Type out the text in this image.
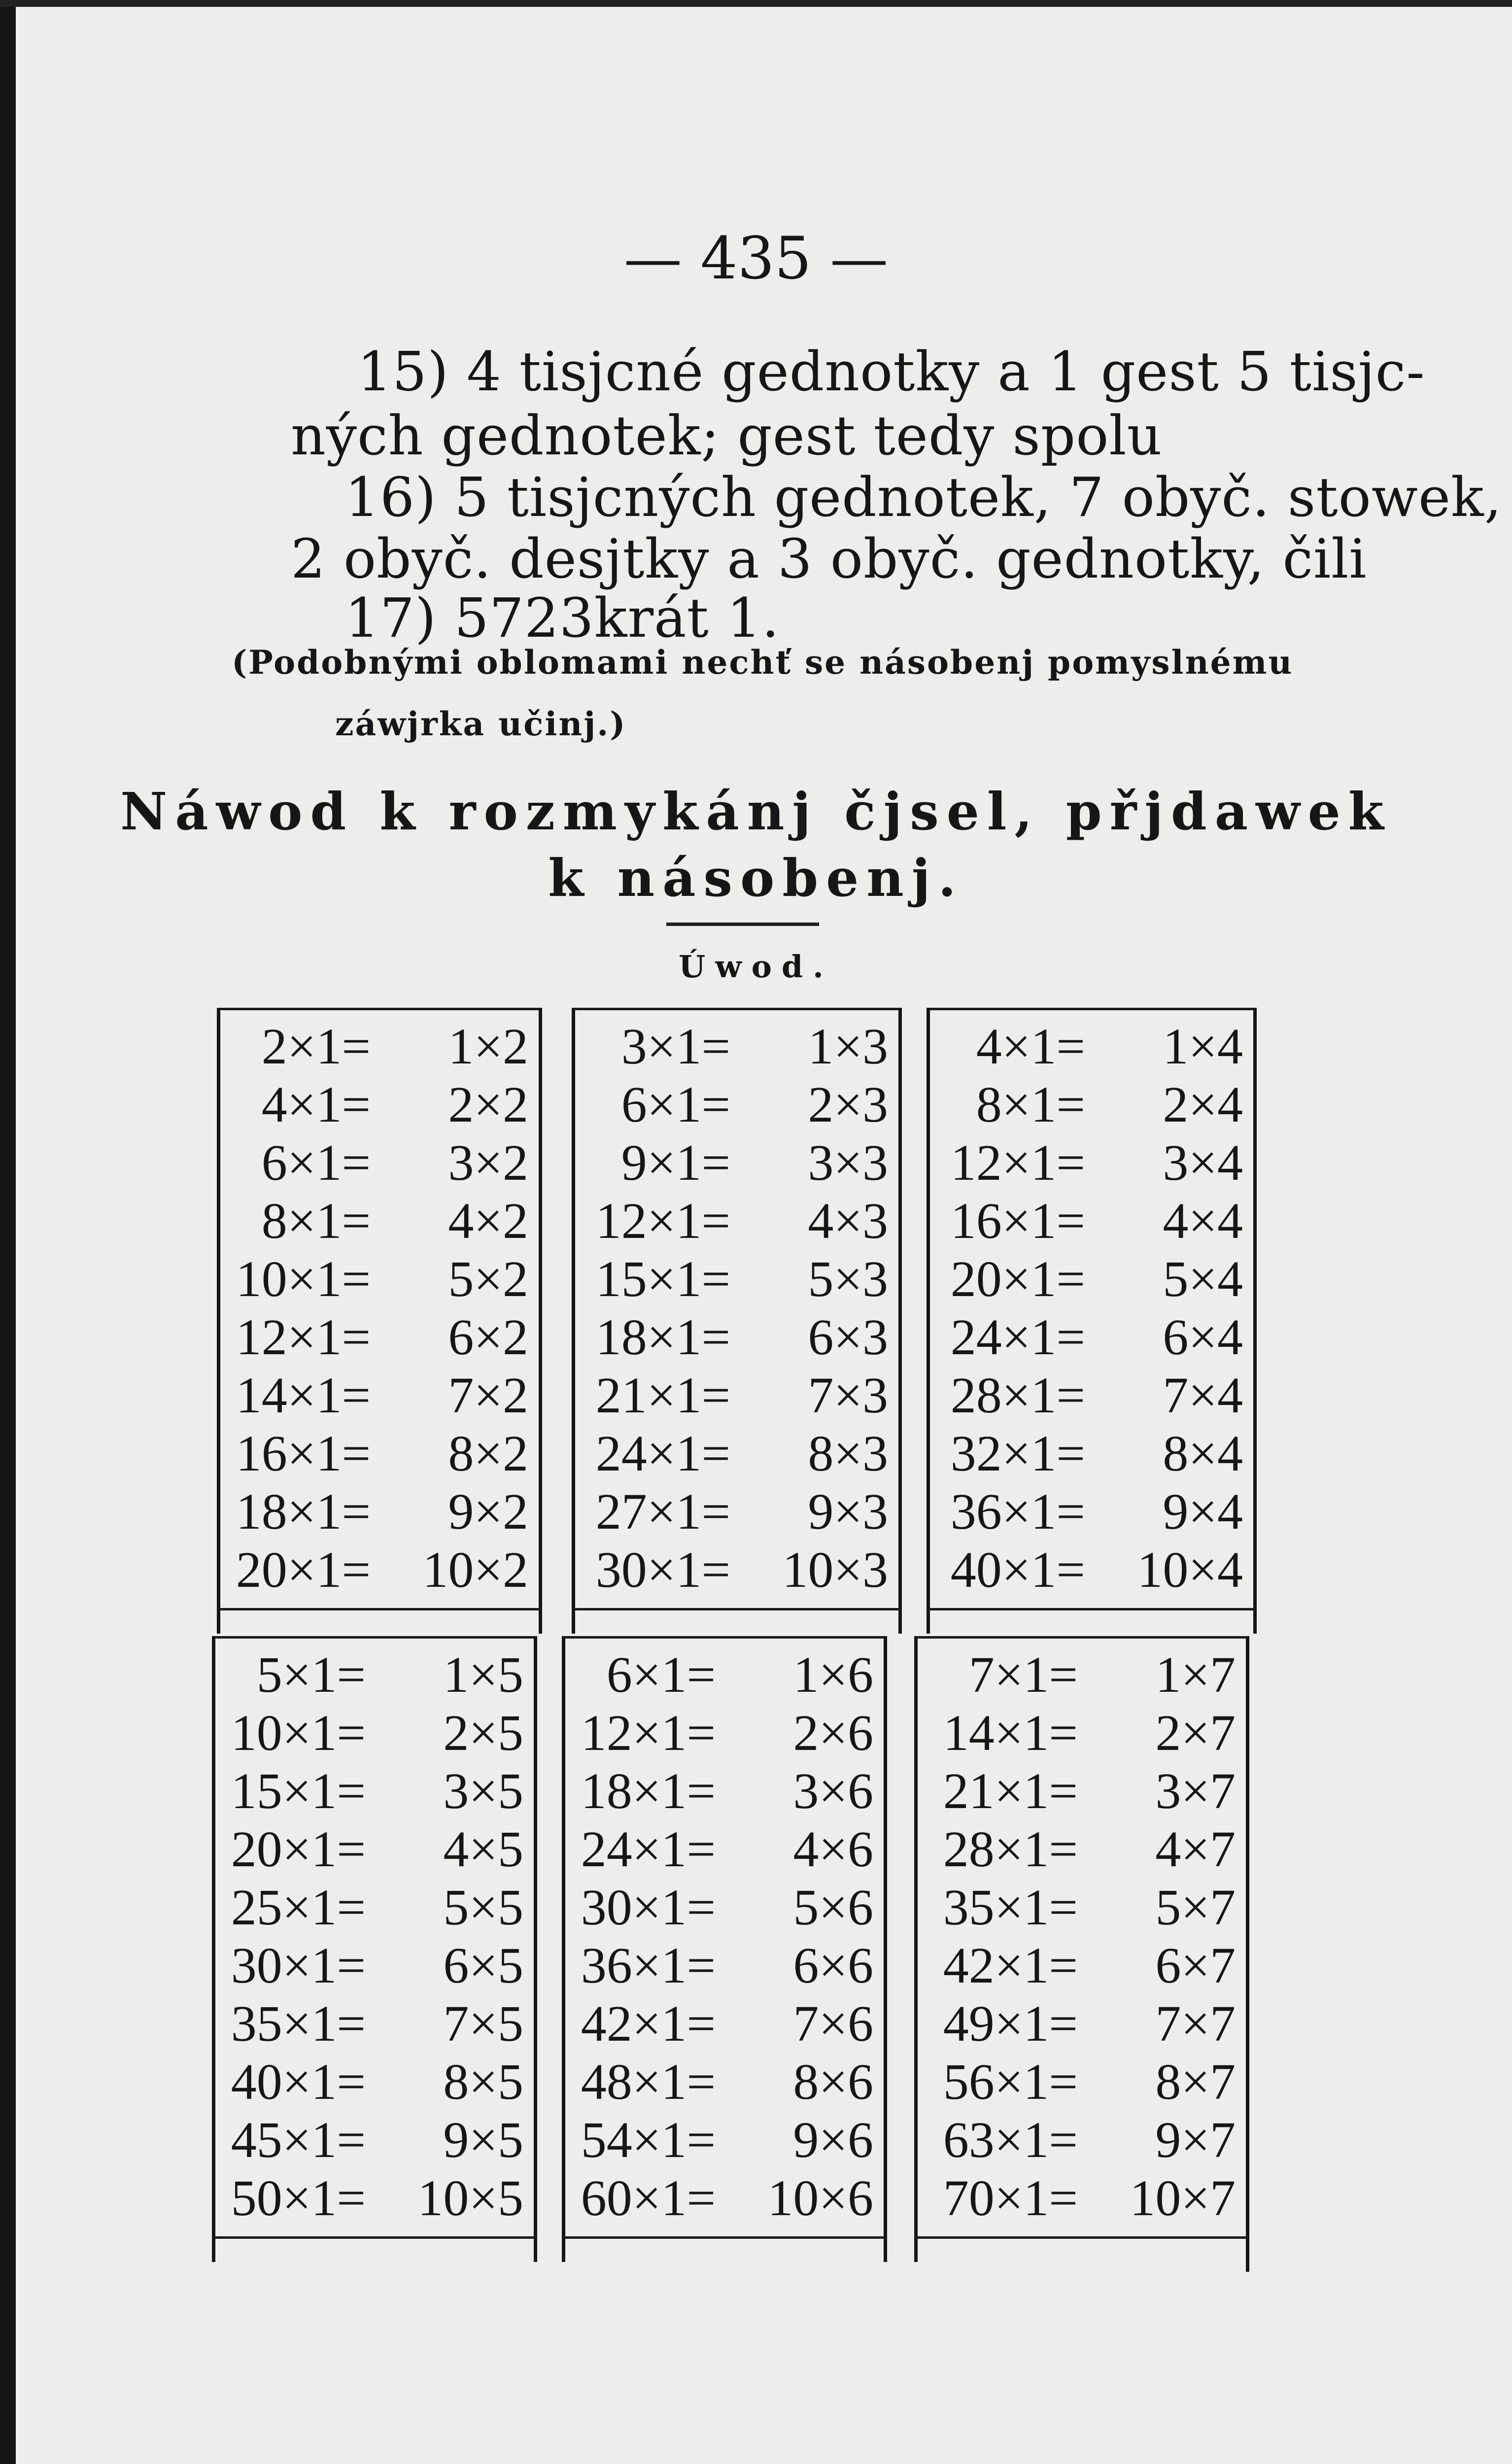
— 435 —
15) 4 tisjcné gednotky a 1 gest 5 tisjc-
ných gednotek; gest tedy spolu
16) 5 tisjcných gednotek, 7 obyč. stowek,
2 obyč. desjtky a 3 obyč. gednotky, čili
17) 5723krát 1.
(Podobnými oblomami nechť se násobenj pomyslnému
záwjrka učinj.)
Náwod k rozmykánj čjsel, přjdawek
k násobenj.
Úwod.
2×1= 1×2
4×1= 2×2
6×1= 3×2
8×1= 4×2
10×1= 5×2
12×1= 6×2
14×1= 7×2
16×1= 8×2
18×1= 9×2
20×1= 10×2
3×1= 1×3
6×1= 2×3
9×1= 3×3
12×1= 4×3
15×1= 5×3
18×1= 6×3
21×1= 7×3
24×1= 8×3
27×1= 9×3
30×1= 10×3
4×1= 1×4
8×1= 2×4
12×1= 3×4
16×1= 4×4
20×1= 5×4
24×1= 6×4
28×1= 7×4
32×1= 8×4
36×1= 9×4
40×1= 10×4
5×1= 1×5
10×1= 2×5
15×1= 3×5
20×1= 4×5
25×1= 5×5
30×1= 6×5
35×1= 7×5
40×1= 8×5
45×1= 9×5
50×1= 10×5
6×1= 1×6
12×1= 2×6
18×1= 3×6
24×1= 4×6
30×1= 5×6
36×1= 6×6
42×1= 7×6
48×1= 8×6
54×1= 9×6
60×1= 10×6
7×1= 1×7
14×1= 2×7
21×1= 3×7
28×1= 4×7
35×1= 5×7
42×1= 6×7
49×1= 7×7
56×1= 8×7
63×1= 9×7
70×1= 10×7
